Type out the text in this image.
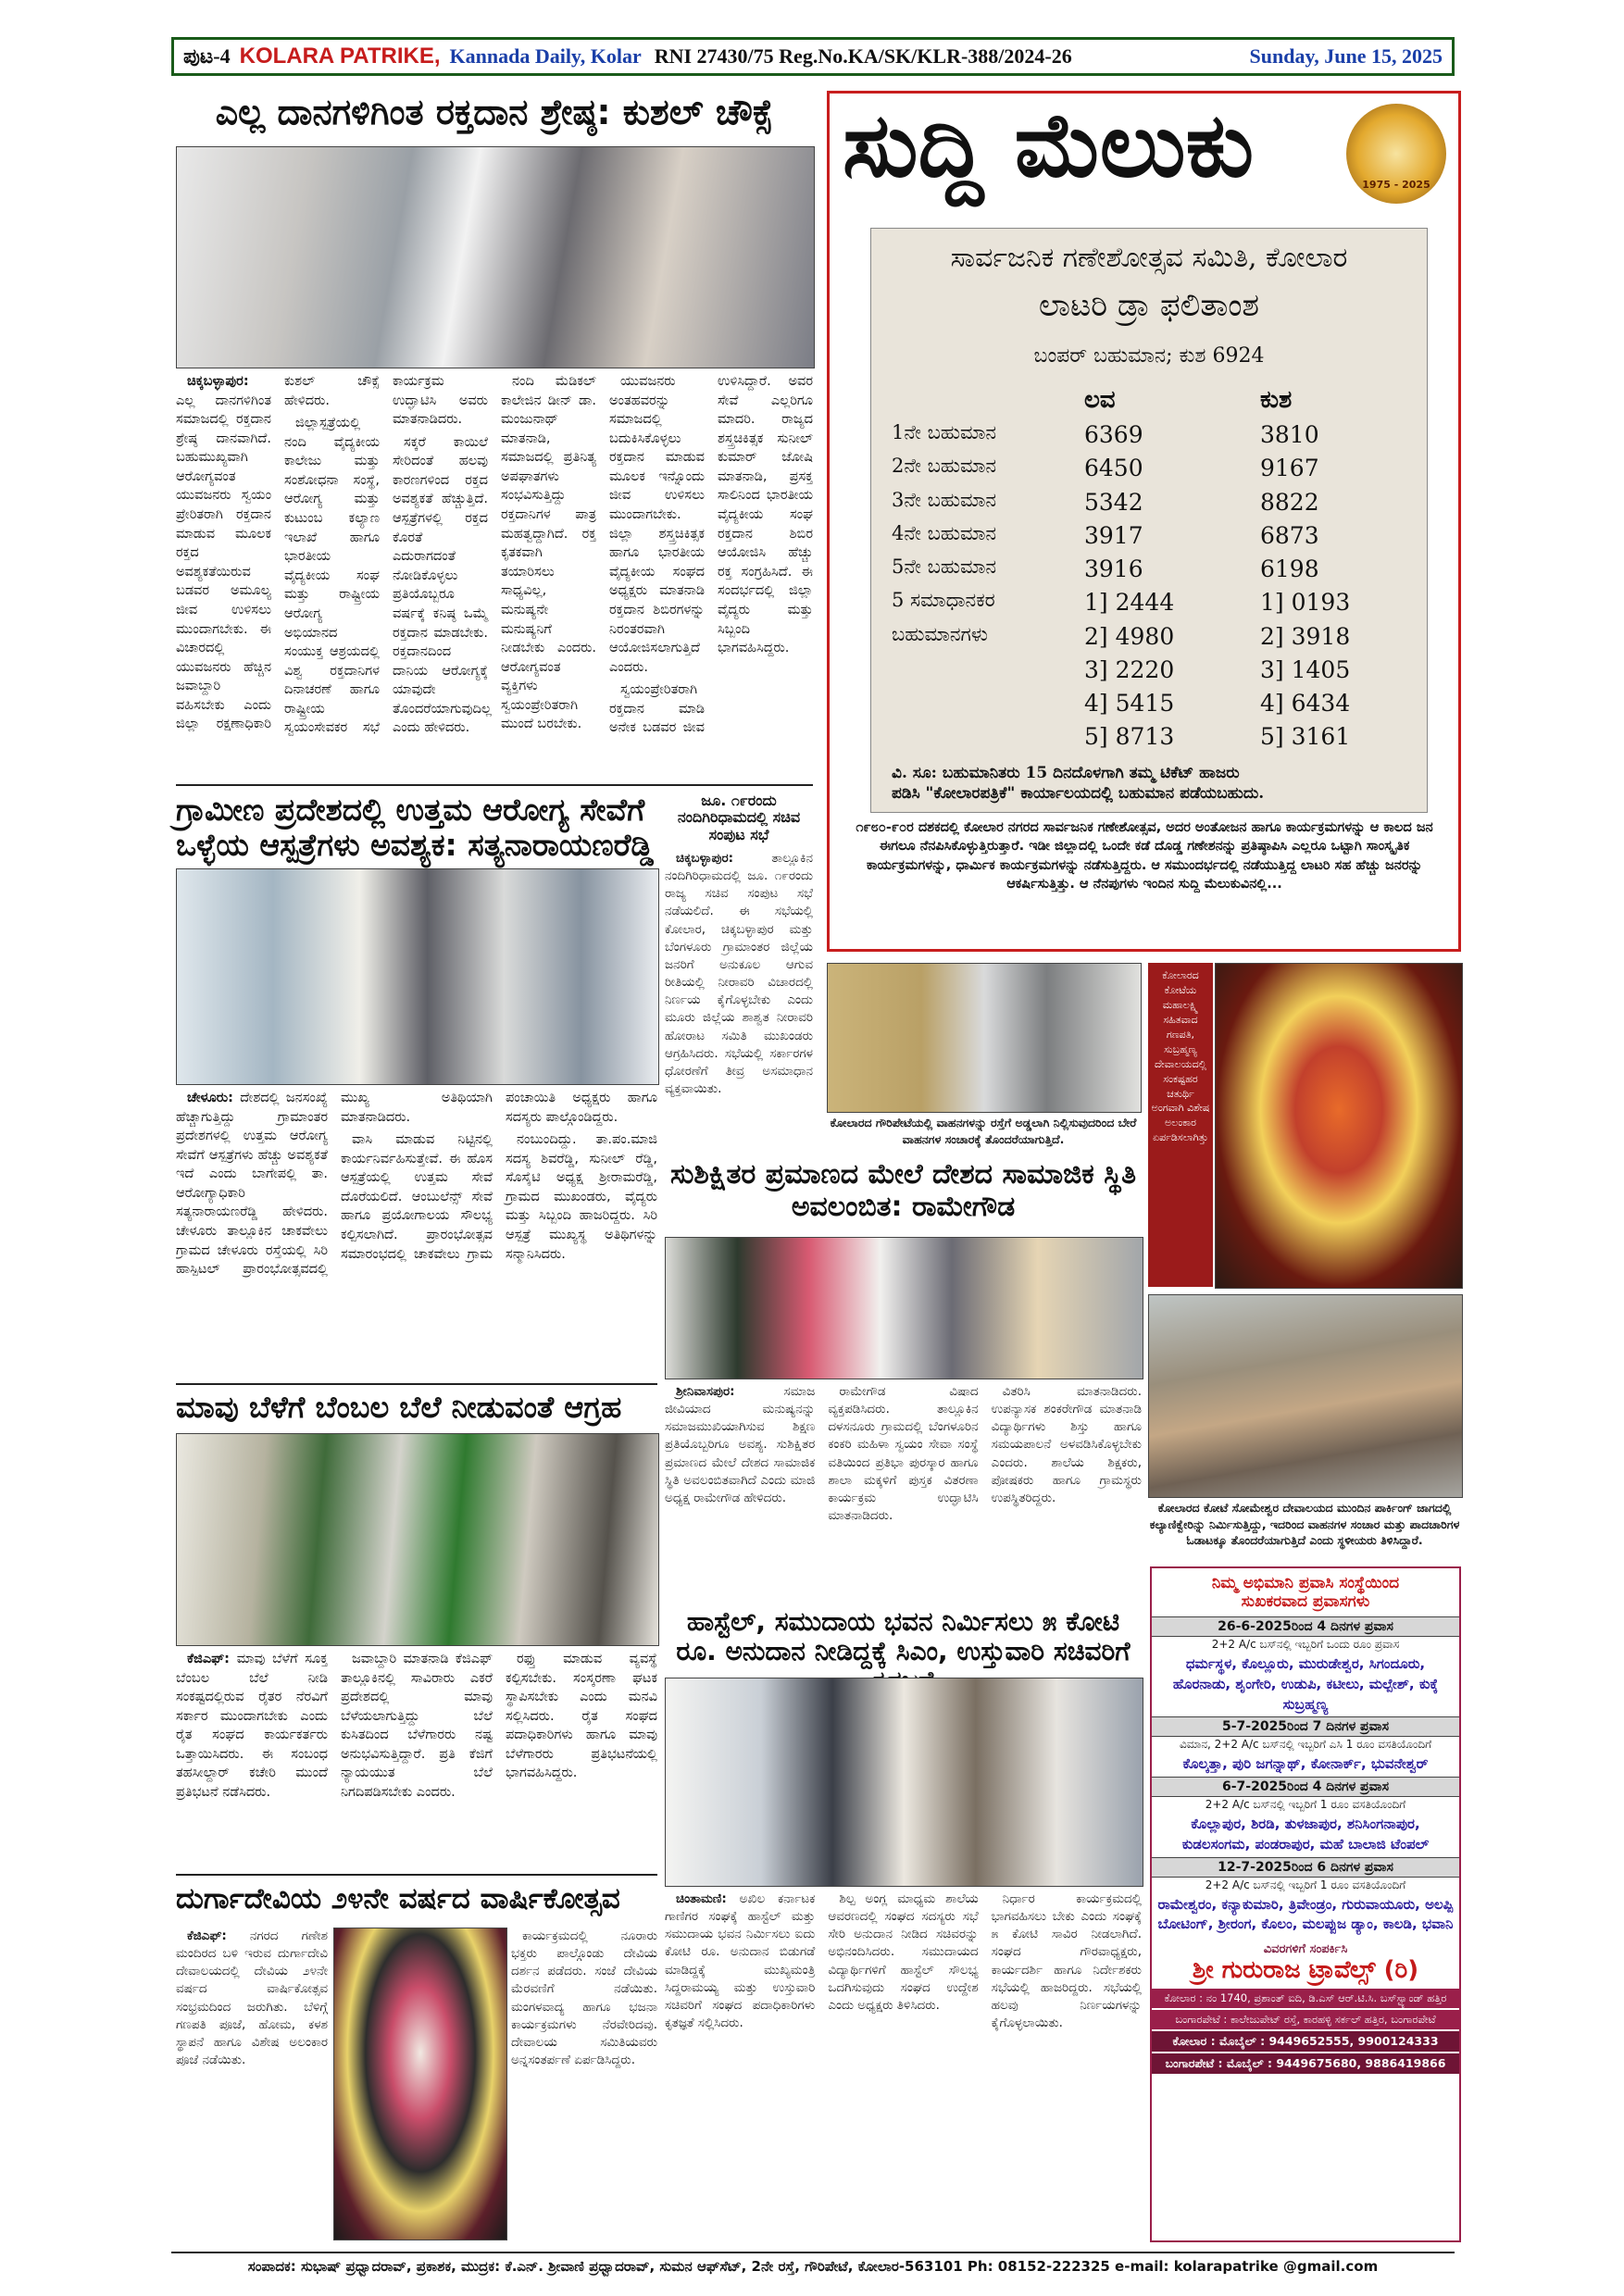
ಪುಟ-4 KOLARA PATRIKE, Kannada Daily, Kolar RNI 27430/75 Reg.No.KA/SK/KLR-388/2024-26	Sunday, June 15, 2025
ಎಲ್ಲ ದಾನಗಳಿಗಿಂತ ರಕ್ತದಾನ ಶ್ರೇಷ್ಠ: ಕುಶಲ್ ಚೌಕ್ಸೆ

ಚಿಕ್ಕಬಳ್ಳಾಪುರ: ಎಲ್ಲ ದಾನಗಳಿಗಿಂತ ಸಮಾಜದಲ್ಲಿ ರಕ್ತದಾನ ಶ್ರೇಷ್ಠ ದಾನವಾಗಿದೆ. ಬಹುಮುಖ್ಯವಾಗಿ ಆರೋಗ್ಯವಂತ ಯುವಜನರು ಸ್ವಯಂ ಪ್ರೇರಿತರಾಗಿ ರಕ್ತದಾನ ಮಾಡುವ ಮೂಲಕ ರಕ್ತದ ಅವಶ್ಯಕತೆಯಿರುವ ಬಡವರ ಅಮೂಲ್ಯ ಜೀವ ಉಳಿಸಲು ಮುಂದಾಗಬೇಕು. ಈ ವಿಚಾರದಲ್ಲಿ ಯುವಜನರು ಹೆಚ್ಚಿನ ಜವಾಬ್ದಾರಿ ವಹಿಸಬೇಕು ಎಂದು ಜಿಲ್ಲಾ ರಕ್ಷಣಾಧಿಕಾರಿ ಕುಶಲ್ ಚೌಕ್ಸೆ ಹೇಳಿದರು.

ಜಿಲ್ಲಾಸ್ಪತ್ರೆಯಲ್ಲಿ ನಂದಿ ವೈದ್ಯಕೀಯ ಕಾಲೇಜು ಮತ್ತು ಸಂಶೋಧನಾ ಸಂಸ್ಥೆ, ಆರೋಗ್ಯ ಮತ್ತು ಕುಟುಂಬ ಕಲ್ಯಾಣ ಇಲಾಖೆ ಹಾಗೂ ಭಾರತೀಯ ವೈದ್ಯಕೀಯ ಸಂಘ ಮತ್ತು ರಾಷ್ಟ್ರೀಯ ಆರೋಗ್ಯ ಅಭಿಯಾನದ ಸಂಯುಕ್ತ ಆಶ್ರಯದಲ್ಲಿ ವಿಶ್ವ ರಕ್ತದಾನಿಗಳ ದಿನಾಚರಣೆ ಹಾಗೂ ರಾಷ್ಟ್ರೀಯ ಸ್ವಯಂಸೇವಕರ ಸಭೆ ಕಾರ್ಯಕ್ರಮ ಉದ್ಘಾಟಿಸಿ ಅವರು ಮಾತನಾಡಿದರು.

ಸಕ್ಕರೆ ಕಾಯಿಲೆ ಸೇರಿದಂತೆ ಹಲವು ಕಾರಣಗಳಿಂದ ರಕ್ತದ ಅವಶ್ಯಕತೆ ಹೆಚ್ಚುತ್ತಿದೆ. ಆಸ್ಪತ್ರೆಗಳಲ್ಲಿ ರಕ್ತದ ಕೊರತೆ ಎದುರಾಗದಂತೆ ನೋಡಿಕೊಳ್ಳಲು ಪ್ರತಿಯೊಬ್ಬರೂ ವರ್ಷಕ್ಕೆ ಕನಿಷ್ಠ ಒಮ್ಮೆ ರಕ್ತದಾನ ಮಾಡಬೇಕು. ರಕ್ತದಾನದಿಂದ ದಾನಿಯ ಆರೋಗ್ಯಕ್ಕೆ ಯಾವುದೇ ತೊಂದರೆಯಾಗುವುದಿಲ್ಲ ಎಂದು ಹೇಳಿದರು.

ನಂದಿ ಮೆಡಿಕಲ್ ಕಾಲೇಜಿನ ಡೀನ್ ಡಾ. ಮಂಜುನಾಥ್ ಮಾತನಾಡಿ, ಸಮಾಜದಲ್ಲಿ ಪ್ರತಿನಿತ್ಯ ಅಪಘಾತಗಳು ಸಂಭವಿಸುತ್ತಿದ್ದು ರಕ್ತದಾನಿಗಳ ಪಾತ್ರ ಮಹತ್ವದ್ದಾಗಿದೆ. ರಕ್ತ ಕೃತಕವಾಗಿ ತಯಾರಿಸಲು ಸಾಧ್ಯವಿಲ್ಲ, ಮನುಷ್ಯನೇ ಮನುಷ್ಯನಿಗೆ ನೀಡಬೇಕು ಎಂದರು. ಆರೋಗ್ಯವಂತ ವ್ಯಕ್ತಿಗಳು ಸ್ವಯಂಪ್ರೇರಿತರಾಗಿ ಮುಂದೆ ಬರಬೇಕು.

ಯುವಜನರು ಅಂತಹವರನ್ನು ಸಮಾಜದಲ್ಲಿ ಬದುಕಿಸಿಕೊಳ್ಳಲು ರಕ್ತದಾನ ಮಾಡುವ ಮೂಲಕ ಇನ್ನೊಂದು ಜೀವ ಉಳಿಸಲು ಮುಂದಾಗಬೇಕು. ಜಿಲ್ಲಾ ಶಸ್ತ್ರಚಿಕಿತ್ಸಕ ಹಾಗೂ ಭಾರತೀಯ ವೈದ್ಯಕೀಯ ಸಂಘದ ಅಧ್ಯಕ್ಷರು ಮಾತನಾಡಿ ರಕ್ತದಾನ ಶಿಬಿರಗಳನ್ನು ನಿರಂತರವಾಗಿ ಆಯೋಜಿಸಲಾಗುತ್ತಿದೆ ಎಂದರು.

ಸ್ವಯಂಪ್ರೇರಿತರಾಗಿ ರಕ್ತದಾನ ಮಾಡಿ ಅನೇಕ ಬಡವರ ಜೀವ ಉಳಿಸಿದ್ದಾರೆ. ಅವರ ಸೇವೆ ಎಲ್ಲರಿಗೂ ಮಾದರಿ. ರಾಜ್ಯದ ಶಸ್ತ್ರಚಿಕಿತ್ಸಕ ಸುನೀಲ್ ಕುಮಾರ್ ಜೋಷಿ ಮಾತನಾಡಿ, ಪ್ರಸಕ್ತ ಸಾಲಿನಿಂದ ಭಾರತೀಯ ವೈದ್ಯಕೀಯ ಸಂಘ ರಕ್ತದಾನ ಶಿಬಿರ ಆಯೋಜಿಸಿ ಹೆಚ್ಚು ರಕ್ತ ಸಂಗ್ರಹಿಸಿದೆ. ಈ ಸಂದರ್ಭದಲ್ಲಿ ಜಿಲ್ಲಾ ವೈದ್ಯರು ಮತ್ತು ಸಿಬ್ಬಂದಿ ಭಾಗವಹಿಸಿದ್ದರು.

ಗ್ರಾಮೀಣ ಪ್ರದೇಶದಲ್ಲಿ ಉತ್ತಮ ಆರೋಗ್ಯ ಸೇವೆಗೆ ಒಳ್ಳೆಯ ಆಸ್ಪತ್ರೆಗಳು ಅವಶ್ಯಕ: ಸತ್ಯನಾರಾಯಣರೆಡ್ಡಿ

ಚೇಳೂರು: ದೇಶದಲ್ಲಿ ಜನಸಂಖ್ಯೆ ಹೆಚ್ಚಾಗುತ್ತಿದ್ದು ಗ್ರಾಮಾಂತರ ಪ್ರದೇಶಗಳಲ್ಲಿ ಉತ್ತಮ ಆರೋಗ್ಯ ಸೇವೆಗೆ ಆಸ್ಪತ್ರೆಗಳು ಹೆಚ್ಚು ಅವಶ್ಯಕತೆ ಇದೆ ಎಂದು ಬಾಗೇಪಲ್ಲಿ ತಾ. ಆರೋಗ್ಯಾಧಿಕಾರಿ ಸತ್ಯನಾರಾಯಣರೆಡ್ಡಿ ಹೇಳಿದರು. ಚೇಳೂರು ತಾಲ್ಲೂಕಿನ ಚಾಕವೇಲು ಗ್ರಾಮದ ಚೇಳೂರು ರಸ್ತೆಯಲ್ಲಿ ಸಿರಿ ಹಾಸ್ಪಿಟಲ್ ಪ್ರಾರಂಭೋತ್ಸವದಲ್ಲಿ ಮುಖ್ಯ ಅತಿಥಿಯಾಗಿ ಮಾತನಾಡಿದರು.

ವಾಸಿ ಮಾಡುವ ನಿಟ್ಟಿನಲ್ಲಿ ಕಾರ್ಯನಿರ್ವಹಿಸುತ್ತೇವೆ. ಈ ಹೊಸ ಆಸ್ಪತ್ರೆಯಲ್ಲಿ ಉತ್ತಮ ಸೇವೆ ದೊರೆಯಲಿದೆ. ಆಂಬುಲೆನ್ಸ್ ಸೇವೆ ಹಾಗೂ ಪ್ರಯೋಗಾಲಯ ಸೌಲಭ್ಯ ಕಲ್ಪಿಸಲಾಗಿದೆ. ಪ್ರಾರಂಭೋತ್ಸವ ಸಮಾರಂಭದಲ್ಲಿ ಚಾಕವೇಲು ಗ್ರಾಮ ಪಂಚಾಯಿತಿ ಅಧ್ಯಕ್ಷರು ಹಾಗೂ ಸದಸ್ಯರು ಪಾಲ್ಗೊಂಡಿದ್ದರು.

ನಂಬುಂದಿದ್ದು. ತಾ.ಪಂ.ಮಾಜಿ ಸದಸ್ಯ ಶಿವರೆಡ್ಡಿ, ಸುನೀಲ್ ರೆಡ್ಡಿ, ಸೊಸೈಟಿ ಅಧ್ಯಕ್ಷ ಶ್ರೀರಾಮರೆಡ್ಡಿ, ಗ್ರಾಮದ ಮುಖಂಡರು, ವೈದ್ಯರು ಮತ್ತು ಸಿಬ್ಬಂದಿ ಹಾಜರಿದ್ದರು. ಸಿರಿ ಆಸ್ಪತ್ರೆ ಮುಖ್ಯಸ್ಥ ಅತಿಥಿಗಳನ್ನು ಸನ್ಮಾನಿಸಿದರು.

ಜೂ. ೧೯ರಂದು ನಂದಿಗಿರಿಧಾಮದಲ್ಲಿ ಸಚಿವ ಸಂಪುಟ ಸಭೆ

ಚಿಕ್ಕಬಳ್ಳಾಪುರ:	ತಾಲ್ಲೂಕಿನ ನಂದಿಗಿರಿಧಾಮದಲ್ಲಿ ಜೂ. ೧೯ರಂದು ರಾಜ್ಯ ಸಚಿವ ಸಂಪುಟ ಸಭೆ ನಡೆಯಲಿದೆ. ಈ ಸಭೆಯಲ್ಲಿ ಕೋಲಾರ, ಚಿಕ್ಕಬಳ್ಳಾಪುರ ಮತ್ತು ಬೆಂಗಳೂರು ಗ್ರಾಮಾಂತರ ಜಿಲ್ಲೆಯ ಜನರಿಗೆ ಅನುಕೂಲ ಆಗುವ ರೀತಿಯಲ್ಲಿ ನೀರಾವರಿ ವಿಚಾರದಲ್ಲಿ ನಿರ್ಣಯ ಕೈಗೊಳ್ಳಬೇಕು ಎಂದು ಮೂರು ಜಿಲ್ಲೆಯ ಶಾಶ್ವತ ನೀರಾವರಿ ಹೋರಾಟ ಸಮಿತಿ ಮುಖಂಡರು ಆಗ್ರಹಿಸಿದರು. ಸಭೆಯಲ್ಲಿ ಸರ್ಕಾರಗಳ ಧೋರಣೆಗೆ ತೀವ್ರ ಅಸಮಾಧಾನ ವ್ಯಕ್ತವಾಯಿತು.

ಮಾವು ಬೆಳೆಗೆ ಬೆಂಬಲ ಬೆಲೆ ನೀಡುವಂತೆ ಆಗ್ರಹ

ಕೆಜಿಎಫ್: ಮಾವು ಬೆಳೆಗೆ ಸೂಕ್ತ ಬೆಂಬಲ ಬೆಲೆ ನೀಡಿ ಸಂಕಷ್ಟದಲ್ಲಿರುವ ರೈತರ ನೆರವಿಗೆ ಸರ್ಕಾರ ಮುಂದಾಗಬೇಕು ಎಂದು ರೈತ ಸಂಘದ ಕಾರ್ಯಕರ್ತರು ಒತ್ತಾಯಿಸಿದರು. ಈ ಸಂಬಂಧ ತಹಸೀಲ್ದಾರ್ ಕಚೇರಿ ಮುಂದೆ ಪ್ರತಿಭಟನೆ ನಡೆಸಿದರು.

ಜವಾಬ್ದಾರಿ ಮಾತನಾಡಿ ಕೆಜಿಎಫ್ ತಾಲ್ಲೂಕಿನಲ್ಲಿ ಸಾವಿರಾರು ಎಕರೆ ಪ್ರದೇಶದಲ್ಲಿ ಮಾವು ಬೆಳೆಯಲಾಗುತ್ತಿದ್ದು ಬೆಲೆ ಕುಸಿತದಿಂದ ಬೆಳೆಗಾರರು ನಷ್ಟ ಅನುಭವಿಸುತ್ತಿದ್ದಾರೆ. ಪ್ರತಿ ಕೆಜಿಗೆ ನ್ಯಾಯಯುತ ಬೆಲೆ ನಿಗದಿಪಡಿಸಬೇಕು ಎಂದರು.

ರಫ್ತು ಮಾಡುವ ವ್ಯವಸ್ಥೆ ಕಲ್ಪಿಸಬೇಕು. ಸಂಸ್ಕರಣಾ ಘಟಕ ಸ್ಥಾಪಿಸಬೇಕು ಎಂದು ಮನವಿ ಸಲ್ಲಿಸಿದರು. ರೈತ ಸಂಘದ ಪದಾಧಿಕಾರಿಗಳು ಹಾಗೂ ಮಾವು ಬೆಳೆಗಾರರು ಪ್ರತಿಭಟನೆಯಲ್ಲಿ ಭಾಗವಹಿಸಿದ್ದರು.

ದುರ್ಗಾದೇವಿಯ ೨೪ನೇ ವರ್ಷದ ವಾರ್ಷಿಕೋತ್ಸವ

ಕೆಜಿಎಫ್: ನಗರದ ಗಣೇಶ ಮಂದಿರದ ಬಳಿ ಇರುವ ದುರ್ಗಾದೇವಿ ದೇವಾಲಯದಲ್ಲಿ ದೇವಿಯ ೨೪ನೇ ವರ್ಷದ ವಾರ್ಷಿಕೋತ್ಸವ ಸಂಭ್ರಮದಿಂದ ಜರುಗಿತು. ಬೆಳಿಗ್ಗೆ ಗಣಪತಿ ಪೂಜೆ, ಹೋಮ, ಕಳಶ ಸ್ಥಾಪನೆ ಹಾಗೂ ವಿಶೇಷ ಅಲಂಕಾರ ಪೂಜೆ ನಡೆಯಿತು.

ಕಾರ್ಯಕ್ರಮದಲ್ಲಿ ನೂರಾರು ಭಕ್ತರು ಪಾಲ್ಗೊಂಡು ದೇವಿಯ ದರ್ಶನ ಪಡೆದರು. ಸಂಜೆ ದೇವಿಯ ಮೆರವಣಿಗೆ ನಡೆಯಿತು. ಮಂಗಳವಾದ್ಯ ಹಾಗೂ ಭಜನಾ ಕಾರ್ಯಕ್ರಮಗಳು ನೆರವೇರಿದವು. ದೇವಾಲಯ ಸಮಿತಿಯವರು ಅನ್ನಸಂತರ್ಪಣೆ ಏರ್ಪಡಿಸಿದ್ದರು.

ಸುದ್ದಿ ಮೆಲುಕು	1975 - 2025
ಸಾರ್ವಜನಿಕ ಗಣೇಶೋತ್ಸವ ಸಮಿತಿ, ಕೋಲಾರ
ಲಾಟರಿ ಡ್ರಾ ಫಲಿತಾಂಶ
ಬಂಪರ್ ಬಹುಮಾನ; ಕುಶ 6924
ಲವ	ಕುಶ
1ನೇ ಬಹುಮಾನ	6369	3810
2ನೇ ಬಹುಮಾನ	6450	9167
3ನೇ ಬಹುಮಾನ	5342	8822
4ನೇ ಬಹುಮಾನ	3917	6873
5ನೇ ಬಹುಮಾನ	3916	6198
5 ಸಮಾಧಾನಕರ	1] 2444	1] 0193
ಬಹುಮಾನಗಳು	2] 4980	2] 3918
3] 2220	3] 1405
4] 5415	4] 6434
5] 8713	5] 3161
ವಿ. ಸೂ: ಬಹುಮಾನಿತರು 15 ದಿನದೊಳಗಾಗಿ ತಮ್ಮ ಟಿಕೆಟ್ ಹಾಜರು
ಪಡಿಸಿ "ಕೋಲಾರಪತ್ರಿಕೆ" ಕಾರ್ಯಾಲಯದಲ್ಲಿ ಬಹುಮಾನ ಪಡೆಯಬಹುದು.
೧೯೮೦-೯೦ರ ದಶಕದಲ್ಲಿ ಕೋಲಾರ ನಗರದ ಸಾರ್ವಜನಿಕ ಗಣೇಶೋತ್ಸವ, ಅದರ ಅಂತೋಜನ ಹಾಗೂ ಕಾರ್ಯಕ್ರಮಗಳನ್ನು ಆ ಕಾಲದ ಜನ ಈಗಲೂ ನೆನಪಿಸಿಕೊಳ್ಳುತ್ತಿರುತ್ತಾರೆ. ಇಡೀ ಜಿಲ್ಲಾದಲ್ಲಿ ಒಂದೇ ಕಡೆ ದೊಡ್ಡ ಗಣೇಶನನ್ನು ಪ್ರತಿಷ್ಠಾಪಿಸಿ ಎಲ್ಲರೂ ಒಟ್ಟಾಗಿ ಸಾಂಸ್ಕೃತಿಕ ಕಾರ್ಯಕ್ರಮಗಳನ್ನು, ಧಾರ್ಮಿಕ ಕಾರ್ಯಕ್ರಮಗಳನ್ನು ನಡೆಸುತ್ತಿದ್ದರು. ಆ ಸಮುಂದರ್ಭದಲ್ಲಿ ನಡೆಯುತ್ತಿದ್ದ ಲಾಟರಿ ಸಹ ಹೆಚ್ಚು ಜನರನ್ನು ಆಕರ್ಷಿಸುತ್ತಿತ್ತು. ಆ ನೆನಪುಗಳು ಇಂದಿನ ಸುದ್ದಿ ಮೆಲುಕುವಿನಲ್ಲಿ...
ಕೋಲಾರದ ಗೌರಿಪೇಟೆಯಲ್ಲಿ ವಾಹನಗಳನ್ನು ರಸ್ತೆಗೆ ಅಡ್ಡಲಾಗಿ ನಿಲ್ಲಿಸುವುದರಿಂದ ಬೇರೆ ವಾಹನಗಳ ಸಂಚಾರಕ್ಕೆ ತೊಂದರೆಯಾಗುತ್ತಿದೆ.
ಕೋಲಾರದ ಕೋಟೆಯ ಮಹಾಲಕ್ಷ್ಮಿ ಸಹಿತವಾದ ಗಣಪತಿ, ಸುಬ್ರಹ್ಮಣ್ಯ ದೇವಾಲಯದಲ್ಲಿ ಸಂಕಷ್ಟಹರ ಚತುರ್ಥಿ ಅಂಗವಾಗಿ ವಿಶೇಷ ಅಲಂಕಾರ ಏರ್ಪಡಿಸಲಾಗಿತ್ತು
ಸುಶಿಕ್ಷಿತರ ಪ್ರಮಾಣದ ಮೇಲೆ ದೇಶದ ಸಾಮಾಜಿಕ ಸ್ಥಿತಿ ಅವಲಂಬಿತ: ರಾಮೇಗೌಡ

ಶ್ರೀನಿವಾಸಪುರ:	ಸಮಾಜ ಜೀವಿಯಾದ ಮನುಷ್ಯನನ್ನು ಸಮಾಜಮುಖಿಯಾಗಿಸುವ ಶಿಕ್ಷಣ ಪ್ರತಿಯೊಬ್ಬರಿಗೂ ಅವಶ್ಯ. ಸುಶಿಕ್ಷಿತರ ಪ್ರಮಾಣದ ಮೇಲೆ ದೇಶದ ಸಾಮಾಜಿಕ ಸ್ಥಿತಿ ಅವಲಂಬಿತವಾಗಿದೆ ಎಂದು ಮಾಜಿ ಅಧ್ಯಕ್ಷ ರಾಮೇಗೌಡ ಹೇಳಿದರು.

ರಾಮೇಗೌಡ ವಿಷಾದ ವ್ಯಕ್ತಪಡಿಸಿದರು. ತಾಲ್ಲೂಕಿನ ದಳಸನೂರು ಗ್ರಾಮದಲ್ಲಿ ಬೆಂಗಳೂರಿನ ಕಂಕರಿ ಮಹಿಳಾ ಸ್ವಯಂ ಸೇವಾ ಸಂಸ್ಥೆ ವತಿಯಿಂದ ಪ್ರತಿಭಾ ಪುರಸ್ಕಾರ ಹಾಗೂ ಶಾಲಾ ಮಕ್ಕಳಿಗೆ ಪುಸ್ತಕ ವಿತರಣಾ ಕಾರ್ಯಕ್ರಮ ಉದ್ಘಾಟಿಸಿ ಮಾತನಾಡಿದರು.

ವಿತರಿಸಿ ಮಾತನಾಡಿದರು. ಉಪನ್ಯಾಸಕ ಶಂಕರೇಗೌಡ ಮಾತನಾಡಿ ವಿದ್ಯಾರ್ಥಿಗಳು ಶಿಸ್ತು ಹಾಗೂ ಸಮಯಪಾಲನೆ ಅಳವಡಿಸಿಕೊಳ್ಳಬೇಕು ಎಂದರು. ಶಾಲೆಯ ಶಿಕ್ಷಕರು, ಪೋಷಕರು ಹಾಗೂ ಗ್ರಾಮಸ್ಥರು ಉಪಸ್ಥಿತರಿದ್ದರು.

ಕೋಲಾರದ ಕೋಟೆ ಸೋಮೇಶ್ವರ ದೇವಾಲಯದ ಮುಂದಿನ ಪಾರ್ಕಿಂಗ್ ಜಾಗದಲ್ಲಿ ಕಲ್ಯಾಣಿಕ್ವೇರಿನ್ನು ನಿರ್ಮಿಸುತ್ತಿದ್ದು, ಇದರಿಂದ ವಾಹನಗಳ ಸಂಚಾರ ಮತ್ತು ಪಾದಚಾರಿಗಳ ಓಡಾಟಕ್ಕೂ ತೊಂದರೆಯಾಗುತ್ತಿದೆ ಎಂದು ಸ್ಥಳೀಯರು ತಿಳಿಸಿದ್ದಾರೆ.
ಹಾಸ್ಟೆಲ್, ಸಮುದಾಯ ಭವನ ನಿರ್ಮಿಸಲು ೫ ಕೋಟಿ ರೂ. ಅನುದಾನ ನೀಡಿದ್ದಕ್ಕೆ ಸಿಎಂ, ಉಸ್ತುವಾರಿ ಸಚಿವರಿಗೆ

ಚಿಂತಾಮಣಿ: ಅಖಿಲ ಕರ್ನಾಟಕ ಗಾಣಿಗರ ಸಂಘಕ್ಕೆ ಹಾಸ್ಟೆಲ್ ಮತ್ತು ಸಮುದಾಯ ಭವನ ನಿರ್ಮಿಸಲು ಐದು ಕೋಟಿ ರೂ. ಅನುದಾನ ಬಿಡುಗಡೆ ಮಾಡಿದ್ದಕ್ಕೆ ಮುಖ್ಯಮಂತ್ರಿ ಸಿದ್ದರಾಮಯ್ಯ ಮತ್ತು ಉಸ್ತುವಾರಿ ಸಚಿವರಿಗೆ ಸಂಘದ ಪದಾಧಿಕಾರಿಗಳು ಕೃತಜ್ಞತೆ ಸಲ್ಲಿಸಿದರು.

ಶಿಲ್ಪ ಅಂಗ್ಲ ಮಾಧ್ಯಮ ಶಾಲೆಯ ಆವರಣದಲ್ಲಿ ಸಂಘದ ಸದಸ್ಯರು ಸಭೆ ಸೇರಿ ಅನುದಾನ ನೀಡಿದ ಸಚಿವರನ್ನು ಅಭಿನಂದಿಸಿದರು. ಸಮುದಾಯದ ವಿದ್ಯಾರ್ಥಿಗಳಿಗೆ ಹಾಸ್ಟೆಲ್ ಸೌಲಭ್ಯ ಒದಗಿಸುವುದು ಸಂಘದ ಉದ್ದೇಶ ಎಂದು ಅಧ್ಯಕ್ಷರು ತಿಳಿಸಿದರು.

ನಿರ್ಧಾರ ಕಾರ್ಯಕ್ರಮದಲ್ಲಿ ಭಾಗವಹಿಸಲು ಬೇಕು ಎಂದು ಸಂಘಕ್ಕೆ ೫ ಕೋಟಿ ಸಾವಿರ ನೀಡಲಾಗಿದೆ. ಸಂಘದ ಗೌರವಾಧ್ಯಕ್ಷರು, ಕಾರ್ಯದರ್ಶಿ ಹಾಗೂ ನಿರ್ದೇಶಕರು ಸಭೆಯಲ್ಲಿ ಹಾಜರಿದ್ದರು. ಸಭೆಯಲ್ಲಿ ಹಲವು ನಿರ್ಣಯಗಳನ್ನು ಕೈಗೊಳ್ಳಲಾಯಿತು.

ನಿಮ್ಮ ಅಭಿಮಾನಿ ಪ್ರವಾಸಿ ಸಂಸ್ಥೆಯಿಂದ
ಸುಖಕರವಾದ ಪ್ರವಾಸಗಳು
26-6-2025ರಿಂದ 4 ದಿನಗಳ ಪ್ರವಾಸ
2+2 A/c ಬಸ್‌ನಲ್ಲಿ ಇಬ್ಬರಿಗೆ ಒಂದು ರೂಂ ಪ್ರವಾಸ
ಧರ್ಮಸ್ಥಳ, ಕೊಲ್ಲೂರು, ಮುರುಡೇಶ್ವರ, ಸಿಗಂದೂರು, ಹೊರನಾಡು, ಶೃಂಗೇರಿ, ಉಡುಪಿ, ಕಟೀಲು, ಮಲ್ಪೇಶ್, ಕುಕ್ಕೆ ಸುಬ್ರಹ್ಮಣ್ಯ
5-7-2025ರಿಂದ 7 ದಿನಗಳ ಪ್ರವಾಸ
ವಿಮಾನ, 2+2 A/c ಬಸ್‌ನಲ್ಲಿ ಇಬ್ಬರಿಗೆ ಎಸಿ 1 ರೂಂ ವಸತಿಯೊಂದಿಗೆ
ಕೊಲ್ಕತ್ತಾ, ಪುರಿ ಜಗನ್ನಾಥ್, ಕೋನಾರ್ಕ್, ಭುವನೇಶ್ವರ್
6-7-2025ರಿಂದ 4 ದಿನಗಳ ಪ್ರವಾಸ
2+2 A/c ಬಸ್‌ನಲ್ಲಿ ಇಬ್ಬರಿಗೆ 1 ರೂಂ ವಸತಿಯೊಂದಿಗೆ
ಕೊಲ್ಲಾಪುರ, ಶಿರಡಿ, ತುಳಜಾಪುರ, ಶನಿಸಿಂಗನಾಪುರ, ಕುಡಲಸಂಗಮ, ಪಂಡರಾಪುರ, ಮಹೆ ಬಾಲಾಜಿ ಟೆಂಪಲ್
12-7-2025ರಿಂದ 6 ದಿನಗಳ ಪ್ರವಾಸ
2+2 A/c ಬಸ್‌ನಲ್ಲಿ ಇಬ್ಬರಿಗೆ 1 ರೂಂ ವಸತಿಯೊಂದಿಗೆ
ರಾಮೇಶ್ವರಂ, ಕನ್ಯಾಕುಮಾರಿ, ತ್ರಿವೇಂಡ್ರಂ, ಗುರುವಾಯೂರು, ಅಲಪ್ಪಿ ಬೋಟಿಂಗ್, ಶ್ರೀರಂಗ, ಕೊಲಂ, ಮಲಪ್ಪುಜ ಡ್ಯಾಂ, ಕಾಲಡಿ, ಭವಾನಿ
ವಿವರಗಳಿಗೆ ಸಂಪರ್ಕಿಸಿ
ಶ್ರೀ ಗುರುರಾಜ ಟ್ರಾವೆಲ್ಸ್ (ರಿ)
ಕೋಲಾರ : ನಂ 1740, ಪ್ರಶಾಂತ್ ಐದಿ, ಡಿ.ಎಸ್ ಆರ್.ಟಿ.ಸಿ. ಬಸ್‌ಸ್ಟ್ಯಾಂಡ್ ಹತ್ತಿರ
ಬಂಗಾರಪೇಟೆ : ಕಾಲೇಜುಪೇಟ್ ರಸ್ತೆ, ಕಾರಹಳ್ಳಿ ಸರ್ಕಲ್ ಹತ್ತಿರ, ಬಂಗಾರಪೇಟೆ
ಕೋಲಾರ : ಮೊಬೈಲ್ : 9449652555, 9900124333
ಬಂಗಾರಪೇಟೆ : ಮೊಬೈಲ್ : 9449675680, 9886419866
ಸಂಪಾದಕ: ಸುಭಾಷ್ ಪ್ರಧ್ವಾದರಾವ್, ಪ್ರಕಾಶಕ, ಮುದ್ರಕ: ಕೆ.ಎನ್. ಶ್ರೀವಾಣಿ ಪ್ರಧ್ವಾದರಾವ್, ಸುಮನ ಆಫ್‌ಸೆಟ್, 2ನೇ ರಸ್ತೆ, ಗೌರಿಪೇಟೆ, ಕೋಲಾರ-563101 Ph: 08152-222325 e-mail: kolarapatrike @gmail.com
